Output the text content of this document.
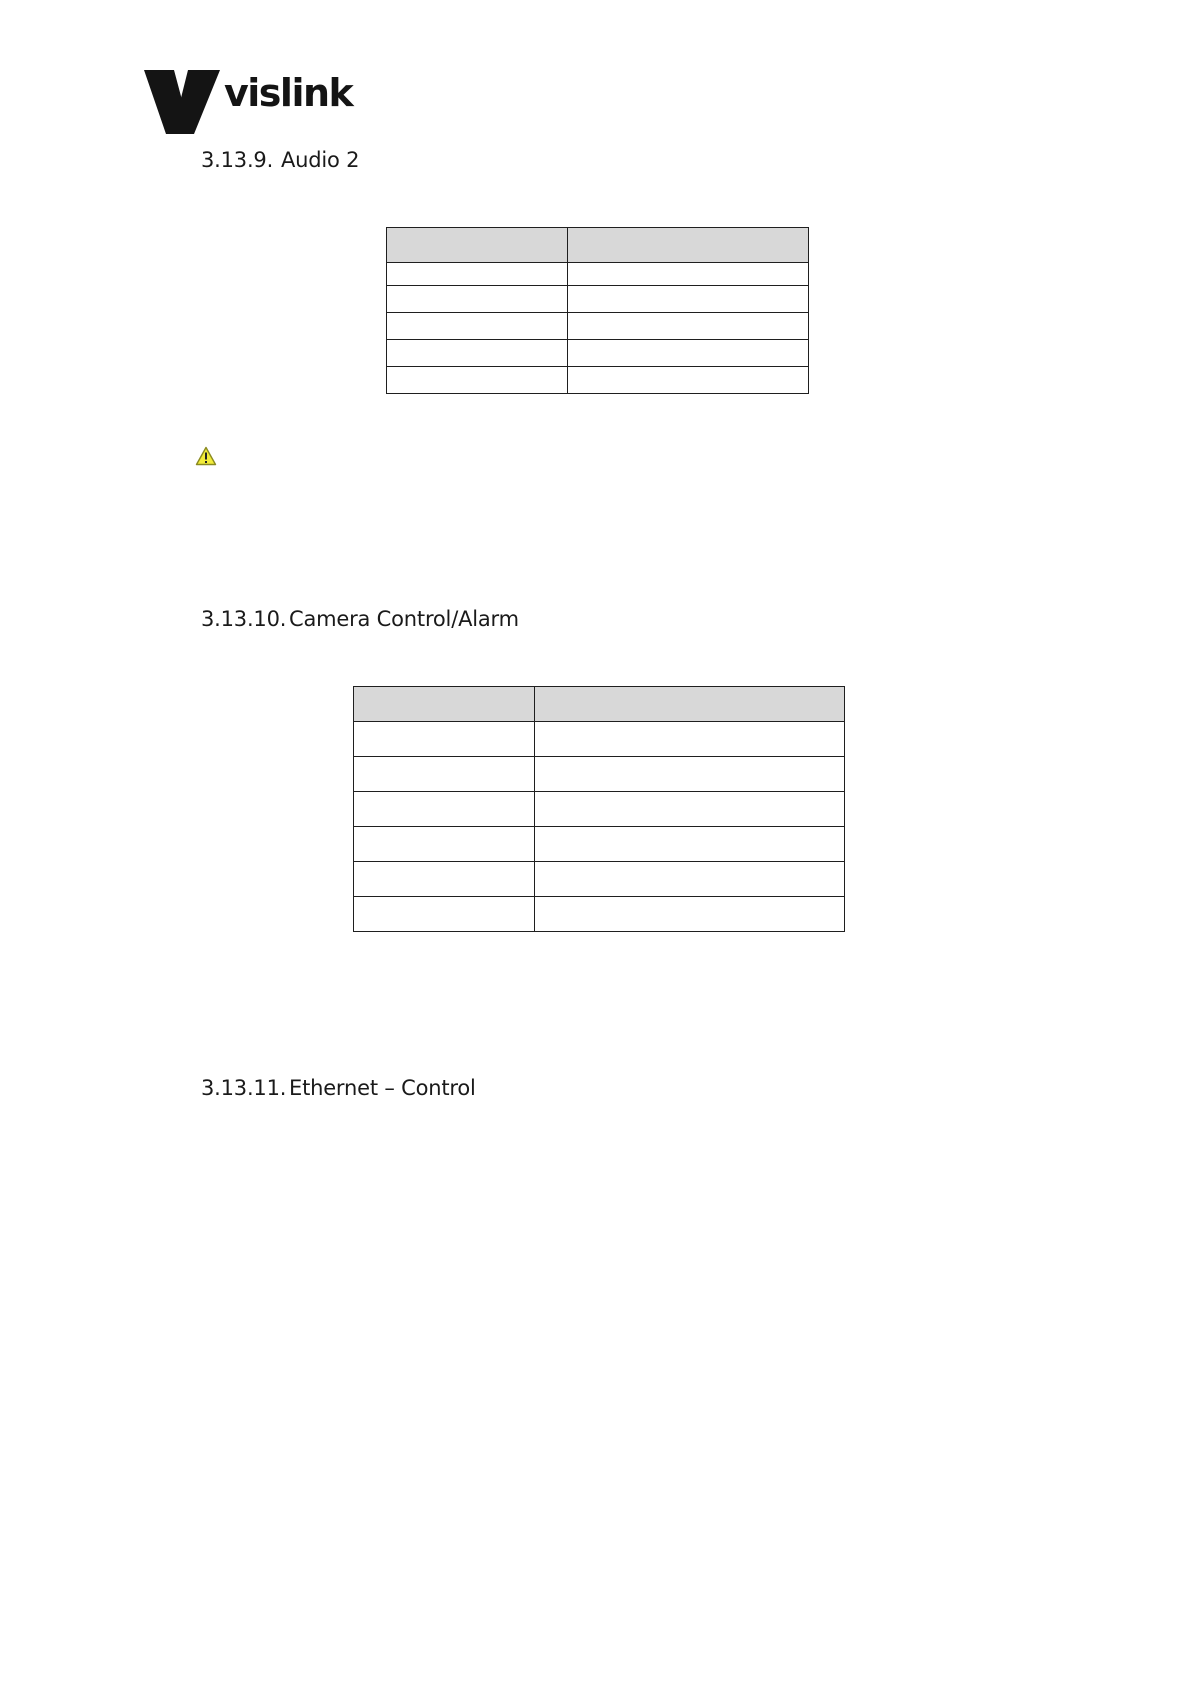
vislink
3.13.9. Audio 2

3.13.10. Camera Control/Alarm

3.13.11. Ethernet – Control
